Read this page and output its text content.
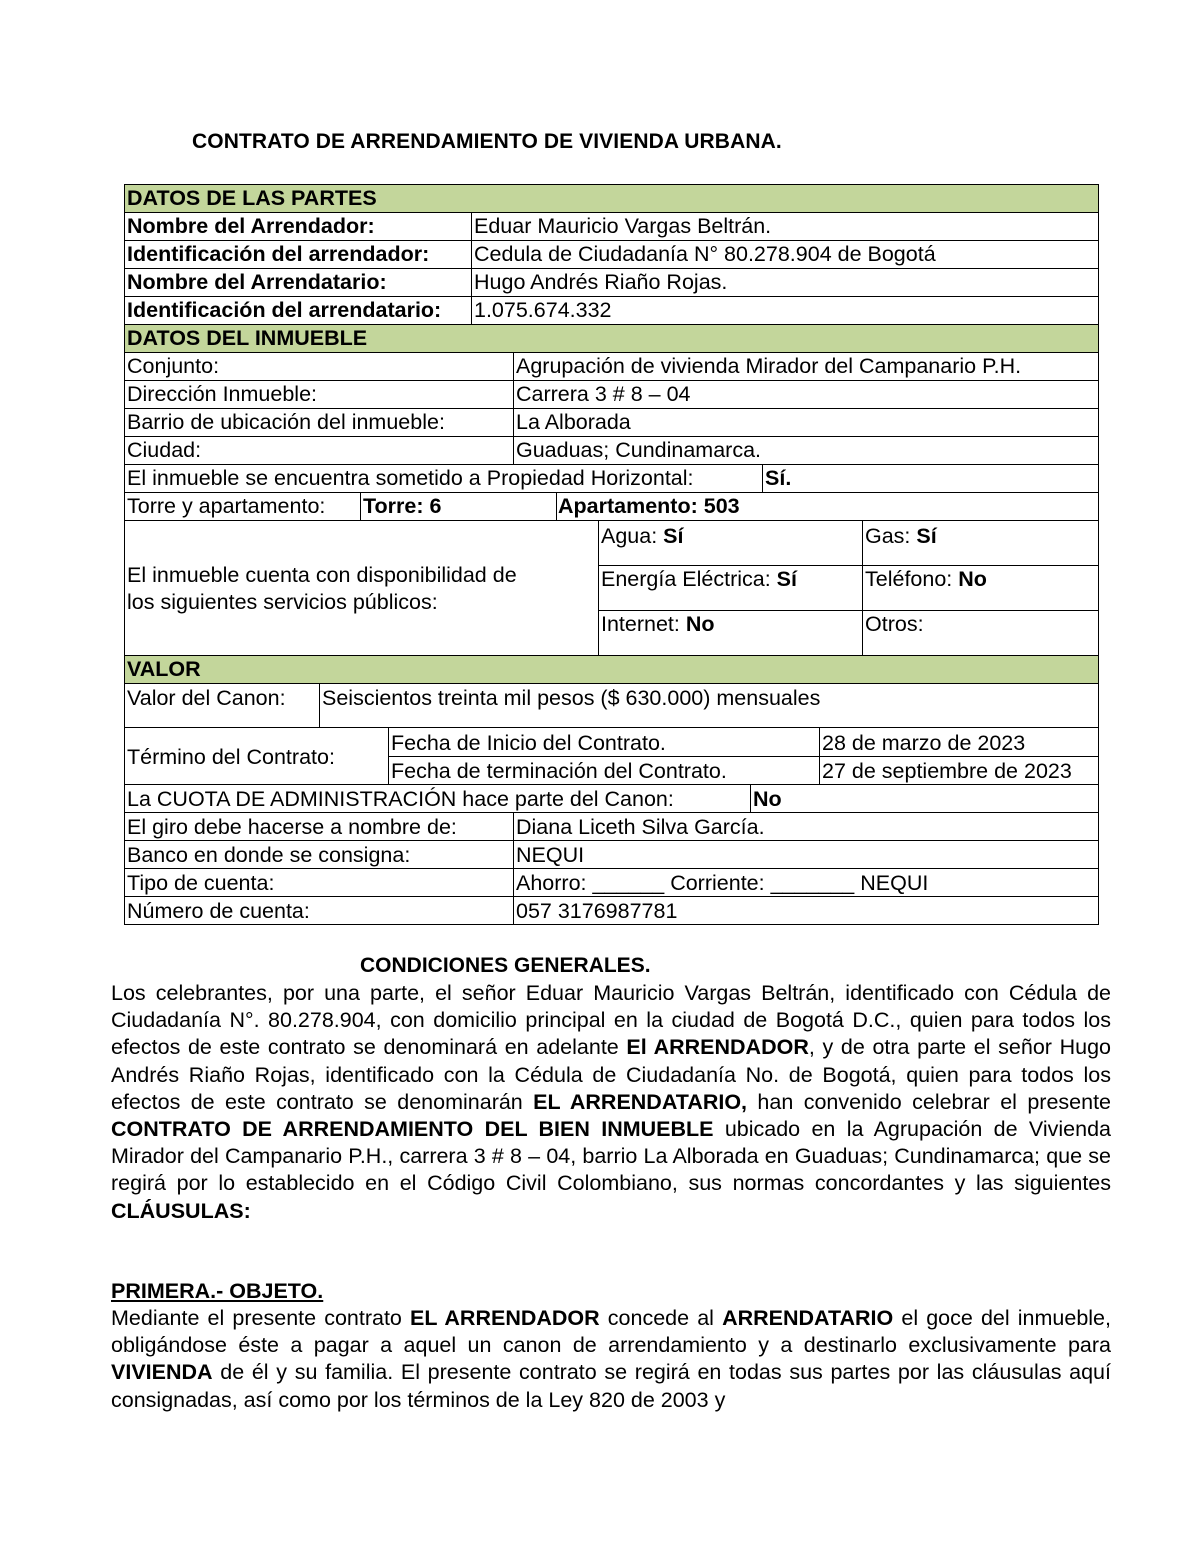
CONTRATO DE ARRENDAMIENTO DE VIVIENDA URBANA.
DATOS DE LAS PARTES
Nombre del Arrendador:	Eduar Mauricio Vargas Beltrán.
Identificación del arrendador: Cedula de Ciudadanía N° 80.278.904 de Bogotá
Nombre del Arrendatario:	Hugo Andrés Riaño Rojas.
Identificación del arrendatario: 1.075.674.332
DATOS DEL INMUEBLE
Conjunto:	Agrupación de vivienda Mirador del Campanario P.H.
Dirección Inmueble:	Carrera 3 # 8 – 04
Barrio de ubicación del inmueble:	La Alborada
Ciudad:	Guaduas; Cundinamarca.
El inmueble se encuentra sometido a Propiedad Horizontal:	Sí.
Torre y apartamento: Torre: 6	Apartamento: 503
El inmueble cuenta con disponibilidad de
los siguientes servicios públicos:
Agua: Sí	Gas: Sí
Energía Eléctrica: Sí	Teléfono: No
Internet: No	Otros:
VALOR
Valor del Canon: Seiscientos treinta mil pesos ($ 630.000) mensuales
Término del Contrato:
Fecha de Inicio del Contrato.	28 de marzo de 2023
Fecha de terminación del Contrato.	27 de septiembre de 2023
La CUOTA DE ADMINISTRACIÓN hace parte del Canon:	No
El giro debe hacerse a nombre de:	Diana Liceth Silva García.
Banco en donde se consigna:	NEQUI
Tipo de cuenta:	Ahorro: ______ Corriente: _______ NEQUI
Número de cuenta:	057 3176987781
CONDICIONES GENERALES.

Los celebrantes, por una parte, el señor Eduar Mauricio Vargas Beltrán, identificado con Cédula de Ciudadanía N°. 80.278.904, con domicilio principal en la ciudad de Bogotá D.C., quien para todos los efectos de este contrato se denominará en adelante El ARRENDADOR, y de otra parte el señor Hugo Andrés Riaño Rojas, identificado con la Cédula de Ciudadanía No. de Bogotá, quien para todos los efectos de este contrato se denominarán EL ARRENDATARIO, han convenido celebrar el presente CONTRATO DE ARRENDAMIENTO DEL BIEN INMUEBLE ubicado en la Agrupación de Vivienda Mirador del Campanario P.H., carrera 3 # 8 – 04, barrio La Alborada en Guaduas; Cundinamarca; que se regirá por lo establecido en el Código Civil Colombiano, sus normas concordantes y las siguientes CLÁUSULAS:

PRIMERA.- OBJETO.

Mediante el presente contrato EL ARRENDADOR concede al ARRENDATARIO el goce del inmueble, obligándose éste a pagar a aquel un canon de arrendamiento y a destinarlo exclusivamente para VIVIENDA de él y su familia. El presente contrato se regirá en todas sus partes por las cláusulas aquí consignadas, así como por los términos de la Ley 820 de 2003 y
